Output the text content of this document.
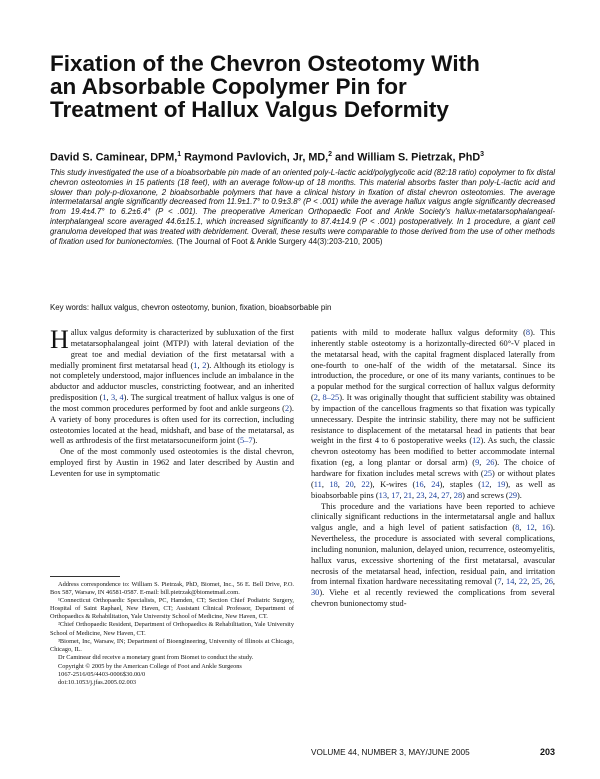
Fixation of the Chevron Osteotomy With
an Absorbable Copolymer Pin for
Treatment of Hallux Valgus Deformity
David S. Caminear, DPM,$^1$ Raymond Pavlovich, Jr, MD,$^2$ and William S. Pietrzak, PhD$^3$
This study investigated the use of a bioabsorbable pin made of an oriented poly-L-lactic acid/polyglycolic acid (82:18 ratio) copolymer to fix distal chevron osteotomies in 15 patients (18 feet), with an average follow-up of 18 months. This material absorbs faster than poly-L-lactic acid and slower than poly-p-dioxanone, 2 bioabsorbable polymers that have a clinical history in fixation of distal chevron osteotomies. The average intermetatarsal angle significantly decreased from 11.9±1.7° to 0.9±3.8° (P < .001) while the average hallux valgus angle significantly decreased from 19.4±4.7° to 6.2±6.4° (P < .001). The preoperative American Orthopaedic Foot and Ankle Society's hallux-metatarsophalangeal-interphalangeal score averaged 44.6±15.1, which increased significantly to 87.4±14.9 (P < .001) postoperatively. In 1 procedure, a giant cell granuloma developed that was treated with debridement. Overall, these results were comparable to those derived from the use of other methods of fixation used for bunionectomies. (The Journal of Foot & Ankle Surgery 44(3):203-210, 2005)
Key words: hallux valgus, chevron osteotomy, bunion, fixation, bioabsorbable pin

Hallux valgus deformity is characterized by subluxation of the first metatarsophalangeal joint (MTPJ) with lateral deviation of the great toe and medial deviation of the first metatarsal with a medially prominent first metatarsal head (1, 2). Although its etiology is not completely understood, major influences include an imbalance in the abductor and adductor muscles, constricting footwear, and an inherited predisposition (1, 3, 4). The surgical treatment of hallux valgus is one of the most common procedures performed by foot and ankle surgeons (2). A variety of bony procedures is often used for its correction, including osteotomies located at the head, midshaft, and base of the metatarsal, as well as arthrodesis of the first metatarsocuneiform joint (5–7).

One of the most commonly used osteotomies is the distal chevron, employed first by Austin in 1962 and later described by Austin and Leventen for use in symptomatic

Address correspondence to: William S. Pietrzak, PhD, Biomet, Inc., 56 E. Bell Drive, P.O. Box 587, Warsaw, IN 46581-0587. E-mail: bill.pietrzak@biometmail.com.

¹Connecticut Orthopaedic Specialists, PC, Hamden, CT; Section Chief Podiatric Surgery, Hospital of Saint Raphael, New Haven, CT; Assistant Clinical Professor, Department of Orthopaedics & Rehabilitation, Yale University School of Medicine, New Haven, CT.

²Chief Orthopaedic Resident, Department of Orthopaedics & Rehabilitation, Yale University School of Medicine, New Haven, CT.

³Biomet, Inc, Warsaw, IN; Department of Bioengineering, University of Illinois at Chicago, Chicago, IL.

Dr Caminear did receive a monetary grant from Biomet to conduct the study.

Copyright © 2005 by the American College of Foot and Ankle Surgeons

1067-2516/05/4403-0006$30.00/0

doi:10.1053/j.jfas.2005.02.003

patients with mild to moderate hallux valgus deformity (8). This inherently stable osteotomy is a horizontally-directed 60°-V placed in the metatarsal head, with the capital fragment displaced laterally from one-fourth to one-half of the width of the metatarsal. Since its introduction, the procedure, or one of its many variants, continues to be a popular method for the surgical correction of hallux valgus deformity (2, 8–25). It was originally thought that sufficient stability was obtained by impaction of the cancellous fragments so that fixation was typically unnecessary. Despite the intrinsic stability, there may not be sufficient resistance to displacement of the metatarsal head in patients that bear weight in the first 4 to 6 postoperative weeks (12). As such, the classic chevron osteotomy has been modified to better accommodate internal fixation (eg, a long plantar or dorsal arm) (9, 26). The choice of hardware for fixation includes metal screws with (25) or without plates (11, 18, 20, 22), K-wires (16, 24), staples (12, 19), as well as bioabsorbable pins (13, 17, 21, 23, 24, 27, 28) and screws (29).

This procedure and the variations have been reported to achieve clinically significant reductions in the intermetatarsal angle and hallux valgus angle, and a high level of patient satisfaction (8, 12, 16). Nevertheless, the procedure is associated with several complications, including nonunion, malunion, delayed union, recurrence, osteomyelitis, hallux varus, excessive shortening of the first metatarsal, avascular necrosis of the metatarsal head, infection, residual pain, and irritation from internal fixation hardware necessitating removal (7, 14, 22, 25, 26, 30). Viehe et al recently reviewed the complications from several chevron bunionectomy stud-

VOLUME 44, NUMBER 3, MAY/JUNE 2005	203
